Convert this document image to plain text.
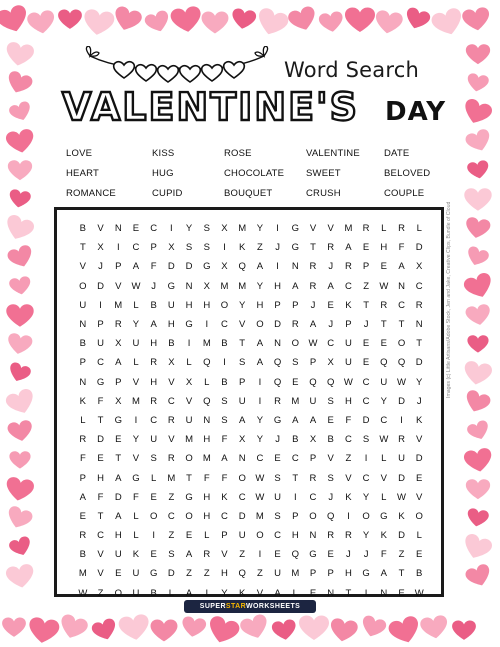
Word Search
VALENTINE'S DAY
LOVE	KISS	ROSE	VALENTINE	DATE
HEART	HUG	CHOCOLATE	SWEET	BELOVED
ROMANCE	CUPID	BOUQUET	CRUSH	COUPLE
B	V	N	E	C	I	Y	S	X	M	Y	I	G	V	V	M	R	L	R	L
T	X	I	C	P	X	S	S	I	K	Z	J	G	T	R	A	E	H	F	D
V	J	P	A	F	D	D	G	X	Q	A	I	N	R	J	R	P	E	A	X
O	D	V	W	J	G	N	X	M	M	Y	H	A	R	A	C	Z	W	N	C
U	I	M	L	B	U	H	H	O	Y	H	P	P	J	E	K	T	R	C	R
N	P	R	Y	A	H	G	I	C	V	O	D	R	A	J	P	J	T	T	N
B	U	X	U	H	B	I	M	B	T	A	N	O	W	C	U	E	E	O	T
P	C	A	L	R	X	L	Q	I	S	A	Q	S	P	X	U	E	Q	Q	D
N	G	P	V	H	V	X	L	B	P	I	Q	E	Q	Q	W	C	U	W	Y
K	F	X	M	R	C	V	Q	S	U	I	R	M	U	S	H	C	Y	D	J
L	T	G	I	C	R	U	N	S	A	Y	G	A	A	E	F	D	C	I	K
R	D	E	Y	U	V	M	H	F	X	Y	J	B	X	B	C	S	W	R	V
F	E	T	V	S	R	O	M	A	N	C	E	C	P	V	Z	I	L	U	D
P	H	A	G	L	M	T	F	F	O	W	S	T	R	S	V	C	V	D	E
A	F	D	F	E	Z	G	H	K	C	W	U	I	C	J	K	Y	L	W	V
E	T	A	L	O	C	O	H	C	D	M	S	P	O	Q	I	O	G	K	O
R	C	H	L	I	Z	E	L	P	U	O	C	H	N	R	R	Y	K	D	L
B	V	U	K	E	S	A	R	V	Z	I	E	Q	G	E	J	J	F	Z	E
M	V	E	U	G	D	Z	Z	H	Q	Z	U	M	P	P	H	G	A	T	B
W	Z	O	U	B	L	A	I	Y	K	V	A	L	E	N	T	I	N	E	W
SUPER STAR WORKSHEETS
Images (c) Little Artisans/Adobe Stock, Jen and Jake, Creative Clips, Bundle of Cloud
